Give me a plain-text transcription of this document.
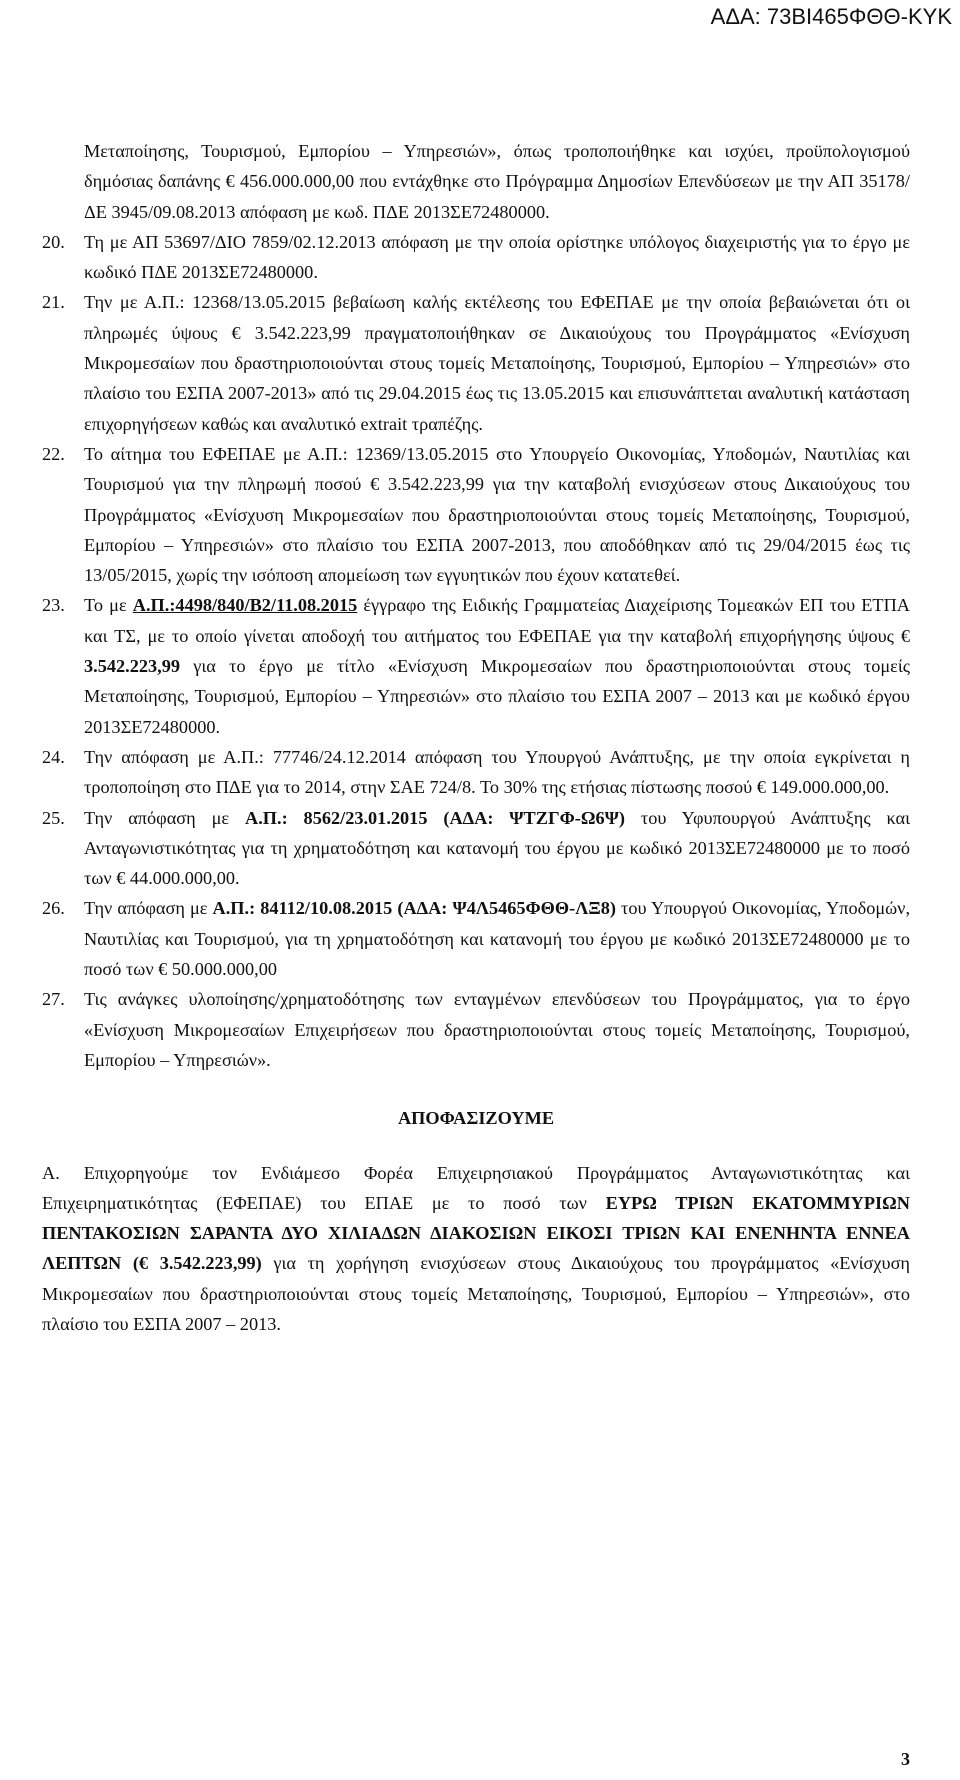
ΑΔΑ: 73ΒΙ465ΦΘΘ-ΚΥΚ
Μεταποίησης, Τουρισμού, Εμπορίου – Υπηρεσιών», όπως τροποποιήθηκε και ισχύει, προϋπολογισμού δημόσιας δαπάνης € 456.000.000,00 που εντάχθηκε στο Πρόγραμμα Δημοσίων Επενδύσεων με την ΑΠ 35178/ΔΕ 3945/09.08.2013 απόφαση με κωδ. ΠΔΕ 2013ΣΕ72480000.
20.	Τη με ΑΠ 53697/ΔΙΟ 7859/02.12.2013 απόφαση με την οποία ορίστηκε υπόλογος διαχειριστής για το έργο με κωδικό ΠΔΕ 2013ΣΕ72480000.
21.	Την με Α.Π.: 12368/13.05.2015 βεβαίωση καλής εκτέλεσης του ΕΦΕΠΑΕ με την οποία βεβαιώνεται ότι οι πληρωμές ύψους € 3.542.223,99 πραγματοποιήθηκαν σε Δικαιούχους του Προγράμματος «Ενίσχυση Μικρομεσαίων που δραστηριοποιούνται στους τομείς Μεταποίησης, Τουρισμού, Εμπορίου – Υπηρεσιών» στο πλαίσιο του ΕΣΠΑ 2007-2013» από τις 29.04.2015 έως τις 13.05.2015 και επισυνάπτεται αναλυτική κατάσταση επιχορηγήσεων καθώς και αναλυτικό extrait τραπέζης.
22.	Το αίτημα του ΕΦΕΠΑΕ με Α.Π.: 12369/13.05.2015 στο Υπουργείο Οικονομίας, Υποδομών, Ναυτιλίας και Τουρισμού για την πληρωμή ποσού € 3.542.223,99 για την καταβολή ενισχύσεων στους Δικαιούχους του Προγράμματος «Ενίσχυση Μικρομεσαίων που δραστηριοποιούνται στους τομείς Μεταποίησης, Τουρισμού, Εμπορίου – Υπηρεσιών» στο πλαίσιο του ΕΣΠΑ 2007-2013, που αποδόθηκαν από τις 29/04/2015 έως τις 13/05/2015, χωρίς την ισόποση απομείωση των εγγυητικών που έχουν κατατεθεί.
23.	Το με Α.Π.:4498/840/Β2/11.08.2015 έγγραφο της Ειδικής Γραμματείας Διαχείρισης Τομεακών ΕΠ του ΕΤΠΑ και ΤΣ, με το οποίο γίνεται αποδοχή του αιτήματος του ΕΦΕΠΑΕ για την καταβολή επιχορήγησης ύψους € 3.542.223,99 για το έργο με τίτλο «Ενίσχυση Μικρομεσαίων που δραστηριοποιούνται στους τομείς Μεταποίησης, Τουρισμού, Εμπορίου – Υπηρεσιών» στο πλαίσιο του ΕΣΠΑ 2007 – 2013 και με κωδικό έργου 2013ΣΕ72480000.
24.	Την απόφαση με Α.Π.: 77746/24.12.2014 απόφαση του Υπουργού Ανάπτυξης, με την οποία εγκρίνεται η τροποποίηση στο ΠΔΕ για το 2014, στην ΣΑΕ 724/8. Το 30% της ετήσιας πίστωσης ποσού € 149.000.000,00.
25.	Την απόφαση με Α.Π.: 8562/23.01.2015 (ΑΔΑ: ΨΤΖΓΦ-Ω6Ψ) του Υφυπουργού Ανάπτυξης και Ανταγωνιστικότητας για τη χρηματοδότηση και κατανομή του έργου με κωδικό 2013ΣΕ72480000 με το ποσό των € 44.000.000,00.
26.	Την απόφαση με Α.Π.: 84112/10.08.2015 (ΑΔΑ: Ψ4Λ5465ΦΘΘ-ΛΞ8) του Υπουργού Οικονομίας, Υποδομών, Ναυτιλίας και Τουρισμού, για τη χρηματοδότηση και κατανομή του έργου με κωδικό 2013ΣΕ72480000 με το ποσό των € 50.000.000,00
27.	Τις ανάγκες υλοποίησης/χρηματοδότησης των ενταγμένων επενδύσεων του Προγράμματος, για το έργο «Ενίσχυση Μικρομεσαίων Επιχειρήσεων που δραστηριοποιούνται στους τομείς Μεταποίησης, Τουρισμού, Εμπορίου – Υπηρεσιών».
ΑΠΟΦΑΣΙΖΟΥΜΕ
Α. Επιχορηγούμε τον Ενδιάμεσο Φορέα Επιχειρησιακού Προγράμματος Ανταγωνιστικότητας και Επιχειρηματικότητας (ΕΦΕΠΑΕ) του ΕΠΑΕ με το ποσό των ΕΥΡΩ ΤΡΙΩΝ ΕΚΑΤΟΜΜΥΡΙΩΝ ΠΕΝΤΑΚΟΣΙΩΝ ΣΑΡΑΝΤΑ ΔΥΟ ΧΙΛΙΑΔΩΝ ΔΙΑΚΟΣΙΩΝ ΕΙΚΟΣΙ ΤΡΙΩΝ ΚΑΙ ΕΝΕΝΗΝΤΑ ΕΝΝΕΑ ΛΕΠΤΩΝ (€ 3.542.223,99) για τη χορήγηση ενισχύσεων στους Δικαιούχους του προγράμματος «Ενίσχυση Μικρομεσαίων που δραστηριοποιούνται στους τομείς Μεταποίησης, Τουρισμού, Εμπορίου – Υπηρεσιών», στο πλαίσιο του ΕΣΠΑ 2007 – 2013.
3
